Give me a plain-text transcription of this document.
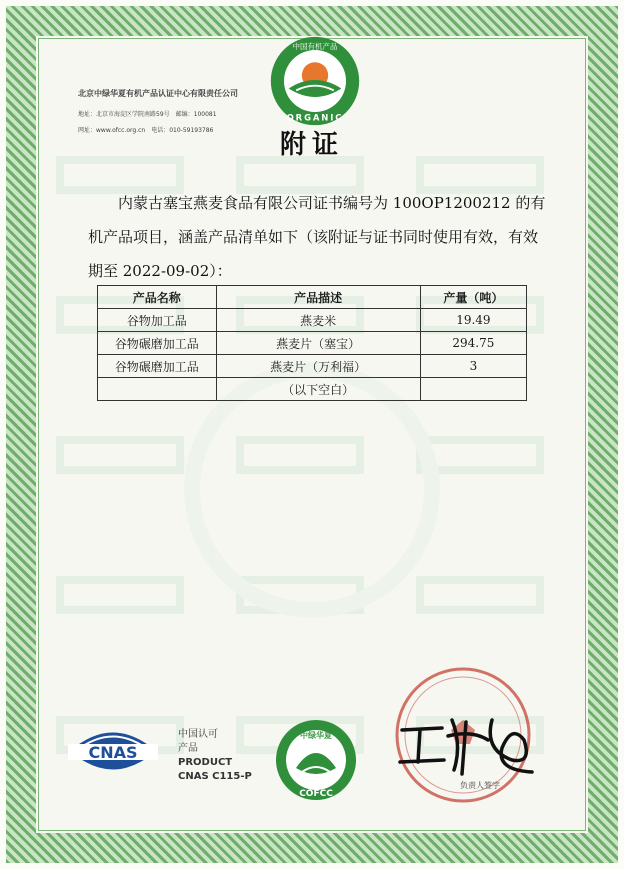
北京中绿华夏有机产品认证中心有限责任公司
地址：北京市海淀区学院南路59号　邮编：100081
网址：www.ofcc.org.cn　电话：010-59193786
中国有机产品
ORGANIC
附证
内蒙古塞宝燕麦食品有限公司证书编号为 100OP1200212 的有机产品项目，涵盖产品清单如下（该附证与证书同时使用有效，有效期至 2022-09-02）：
产品名称	产品描述	产量（吨）
谷物加工品	燕麦米	19.49
谷物碾磨加工品	燕麦片（塞宝）	294.75
谷物碾磨加工品	燕麦片（万利福）	3
	（以下空白）	
CNAS
中国认可
产品
PRODUCT
CNAS C115-P
中绿华夏
COFCC
负责人签字
